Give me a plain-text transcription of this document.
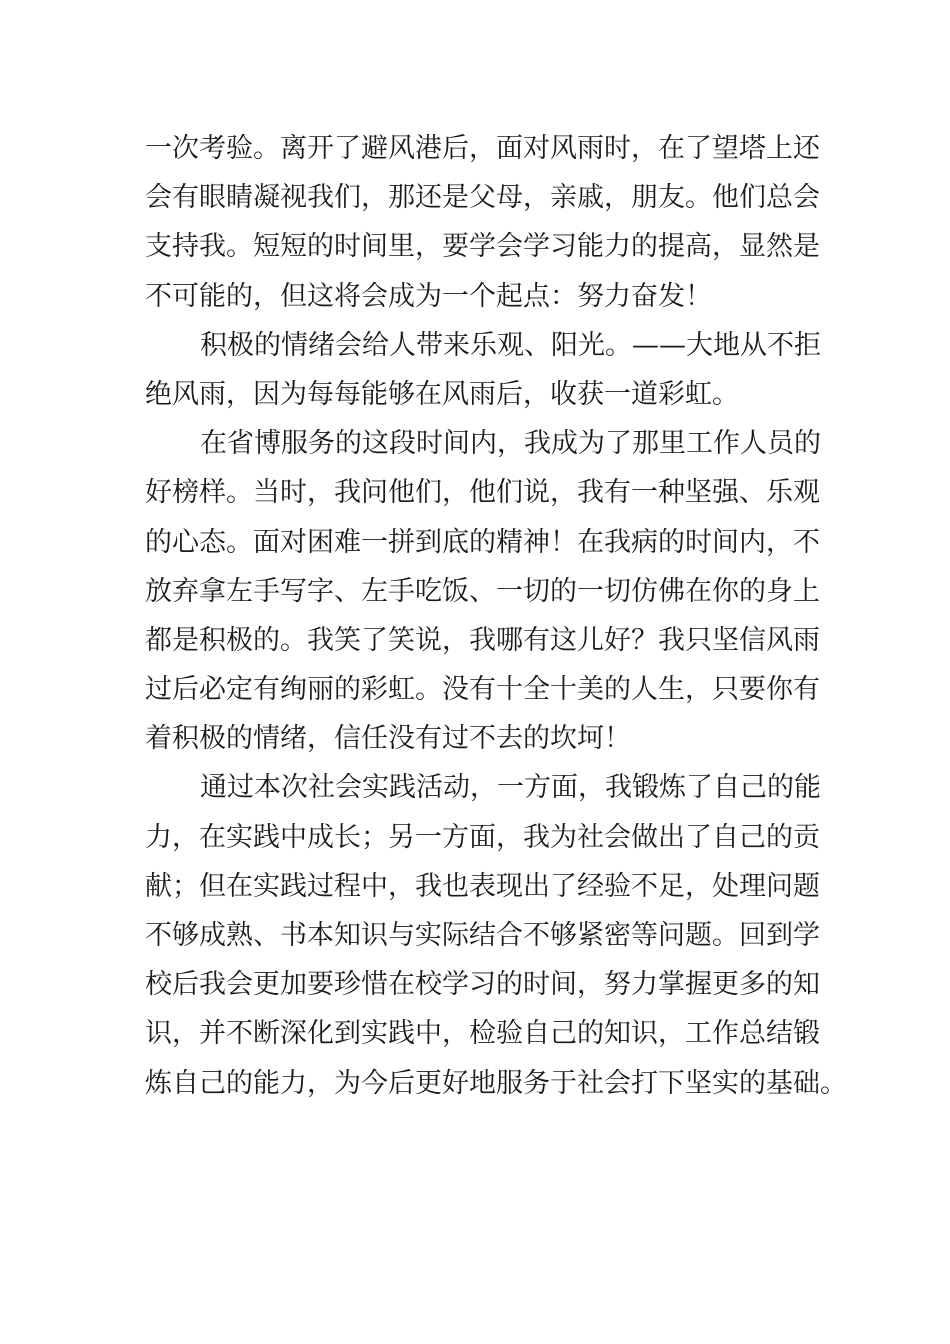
一次考验。离开了避风港后，面对风雨时，在了望塔上还
会有眼睛凝视我们，那还是父母，亲戚，朋友。他们总会
支持我。短短的时间里，要学会学习能力的提高，显然是
不可能的，但这将会成为一个起点：努力奋发！
积极的情绪会给人带来乐观、阳光。——大地从不拒
绝风雨，因为每每能够在风雨后，收获一道彩虹。
在省博服务的这段时间内，我成为了那里工作人员的
好榜样。当时，我问他们，他们说，我有一种坚强、乐观
的心态。面对困难一拼到底的精神！在我病的时间内，不
放弃拿左手写字、左手吃饭、一切的一切仿佛在你的身上
都是积极的。我笑了笑说，我哪有这儿好？我只坚信风雨
过后必定有绚丽的彩虹。没有十全十美的人生，只要你有
着积极的情绪，信任没有过不去的坎坷！
通过本次社会实践活动，一方面，我锻炼了自己的能
力，在实践中成长；另一方面，我为社会做出了自己的贡
献；但在实践过程中，我也表现出了经验不足，处理问题
不够成熟、书本知识与实际结合不够紧密等问题。回到学
校后我会更加要珍惜在校学习的时间，努力掌握更多的知
识，并不断深化到实践中，检验自己的知识，工作总结锻
炼自己的能力，为今后更好地服务于社会打下坚实的基础。
